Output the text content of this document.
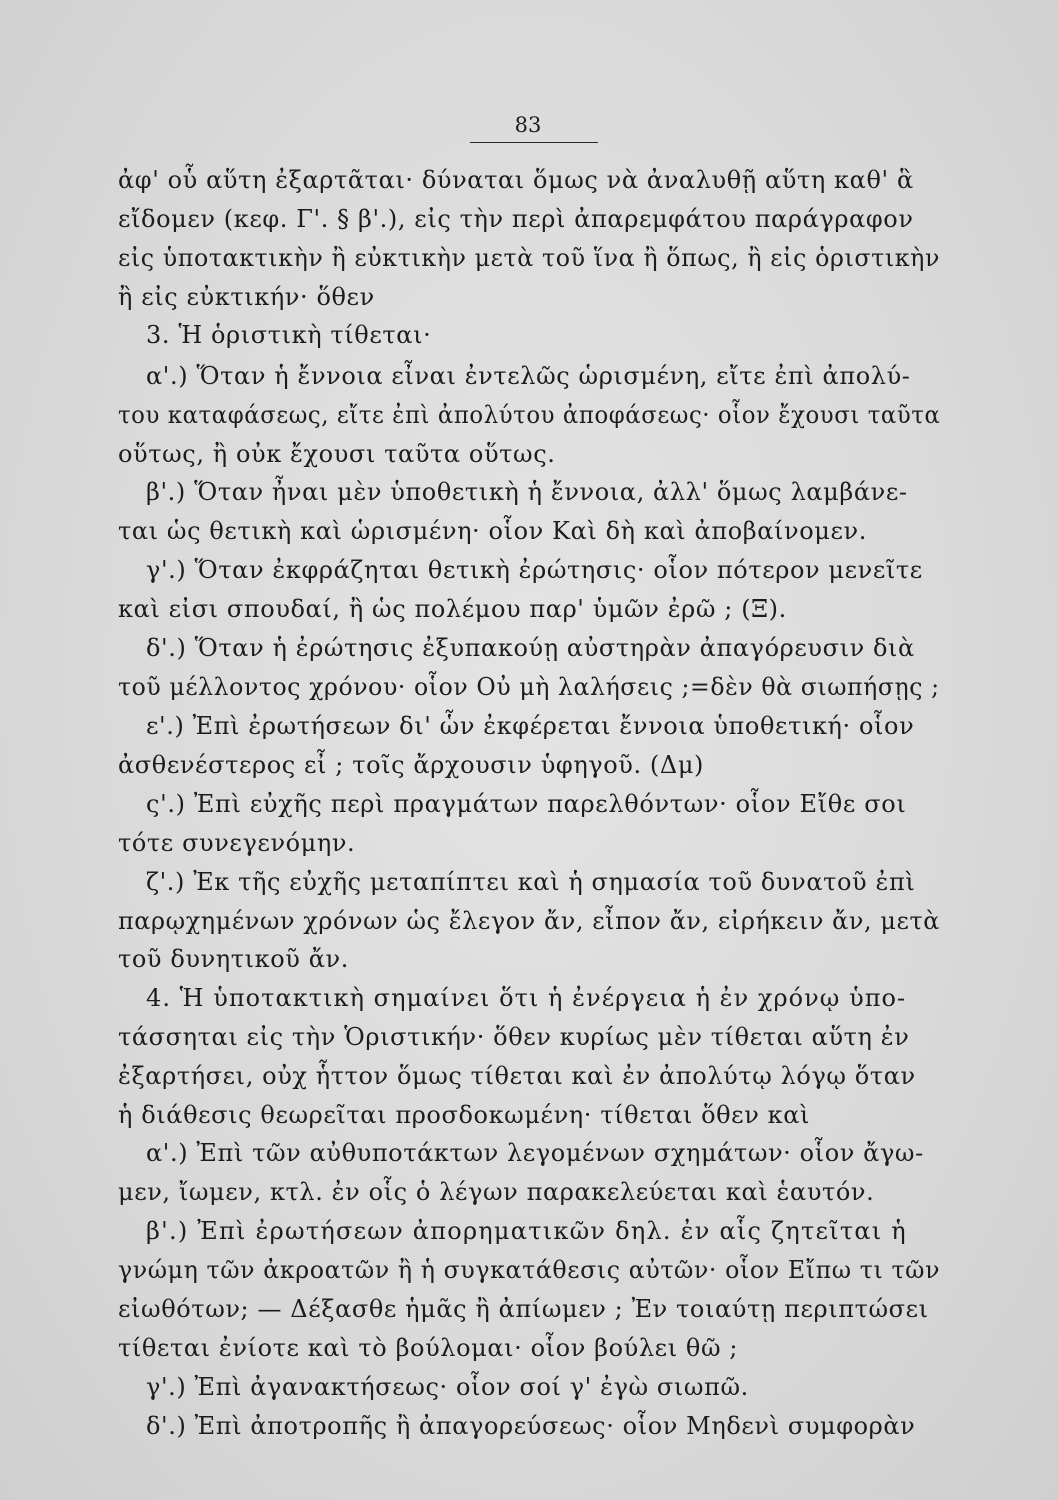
83
ἀφ' οὗ αὕτη ἐξαρτᾶται· δύναται ὅμως νὰ ἀναλυθῇ αὕτη καθ' ἃ
εἴδομεν (κεφ. Γ'. § β'.), εἰς τὴν περὶ ἀπαρεμφάτου παράγραφον
εἰς ὑποτακτικὴν ἢ εὐκτικὴν μετὰ τοῦ ἵνα ἢ ὅπως, ἢ εἰς ὁριστικὴν
ἢ εἰς εὐκτικήν· ὅθεν
3. Ἡ ὁριστικὴ τίθεται·
α'.) Ὅταν ἡ ἔννοια εἶναι ἐντελῶς ὡρισμένη, εἴτε ἐπὶ ἀπολύ-
του καταφάσεως, εἴτε ἐπὶ ἀπολύτου ἀποφάσεως· οἷον ἔχουσι ταῦτα
οὕτως, ἢ οὐκ ἔχουσι ταῦτα οὕτως.
β'.) Ὅταν ἦναι μὲν ὑποθετικὴ ἡ ἔννοια, ἀλλ' ὅμως λαμβάνε-
ται ὡς θετικὴ καὶ ὡρισμένη· οἷον Καὶ δὴ καὶ ἀποβαίνομεν.
γ'.) Ὅταν ἐκφράζηται θετικὴ ἐρώτησις· οἷον πότερον μενεῖτε
καὶ εἰσι σπουδαί, ἢ ὡς πολέμου παρ' ὑμῶν ἐρῶ ; (Ξ).
δ'.) Ὅταν ἡ ἐρώτησις ἐξυπακούῃ αὐστηρὰν ἀπαγόρευσιν διὰ
τοῦ μέλλοντος χρόνου· οἷον Οὐ μὴ λαλήσεις ;=δὲν θὰ σιωπήσῃς ;
ε'.) Ἐπὶ ἐρωτήσεων δι' ὧν ἐκφέρεται ἔννοια ὑποθετική· οἷον
ἀσθενέστερος εἶ ; τοῖς ἄρχουσιν ὑφηγοῦ. (Δμ)
ς'.) Ἐπὶ εὐχῆς περὶ πραγμάτων παρελθόντων· οἷον Εἴθε σοι
τότε συνεγενόμην.
ζ'.) Ἐκ τῆς εὐχῆς μεταπίπτει καὶ ἡ σημασία τοῦ δυνατοῦ ἐπὶ
παρῳχημένων χρόνων ὡς ἔλεγον ἄν, εἶπον ἄν, εἰρήκειν ἄν, μετὰ
τοῦ δυνητικοῦ ἄν.
4. Ἡ ὑποτακτικὴ σημαίνει ὅτι ἡ ἐνέργεια ἡ ἐν χρόνῳ ὑπο-
τάσσηται εἰς τὴν Ὁριστικήν· ὅθεν κυρίως μὲν τίθεται αὕτη ἐν
ἐξαρτήσει, οὐχ ἧττον ὅμως τίθεται καὶ ἐν ἀπολύτῳ λόγῳ ὅταν
ἡ διάθεσις θεωρεῖται προσδοκωμένη· τίθεται ὅθεν καὶ
α'.) Ἐπὶ τῶν αὐθυποτάκτων λεγομένων σχημάτων· οἷον ἄγω-
μεν, ἴωμεν, κτλ. ἐν οἷς ὁ λέγων παρακελεύεται καὶ ἑαυτόν.
β'.) Ἐπὶ ἐρωτήσεων ἀπορηματικῶν δηλ. ἐν αἷς ζητεῖται ἡ
γνώμη τῶν ἀκροατῶν ἢ ἡ συγκατάθεσις αὐτῶν· οἷον Εἴπω τι τῶν
εἰωθότων; — Δέξασθε ἡμᾶς ἢ ἀπίωμεν ; Ἐν τοιαύτῃ περιπτώσει
τίθεται ἐνίοτε καὶ τὸ βούλομαι· οἷον βούλει θῶ ;
γ'.) Ἐπὶ ἀγανακτήσεως· οἷον σοί γ' ἐγὼ σιωπῶ.
δ'.) Ἐπὶ ἀποτροπῆς ἢ ἀπαγορεύσεως· οἷον Μηδενὶ συμφορὰν
